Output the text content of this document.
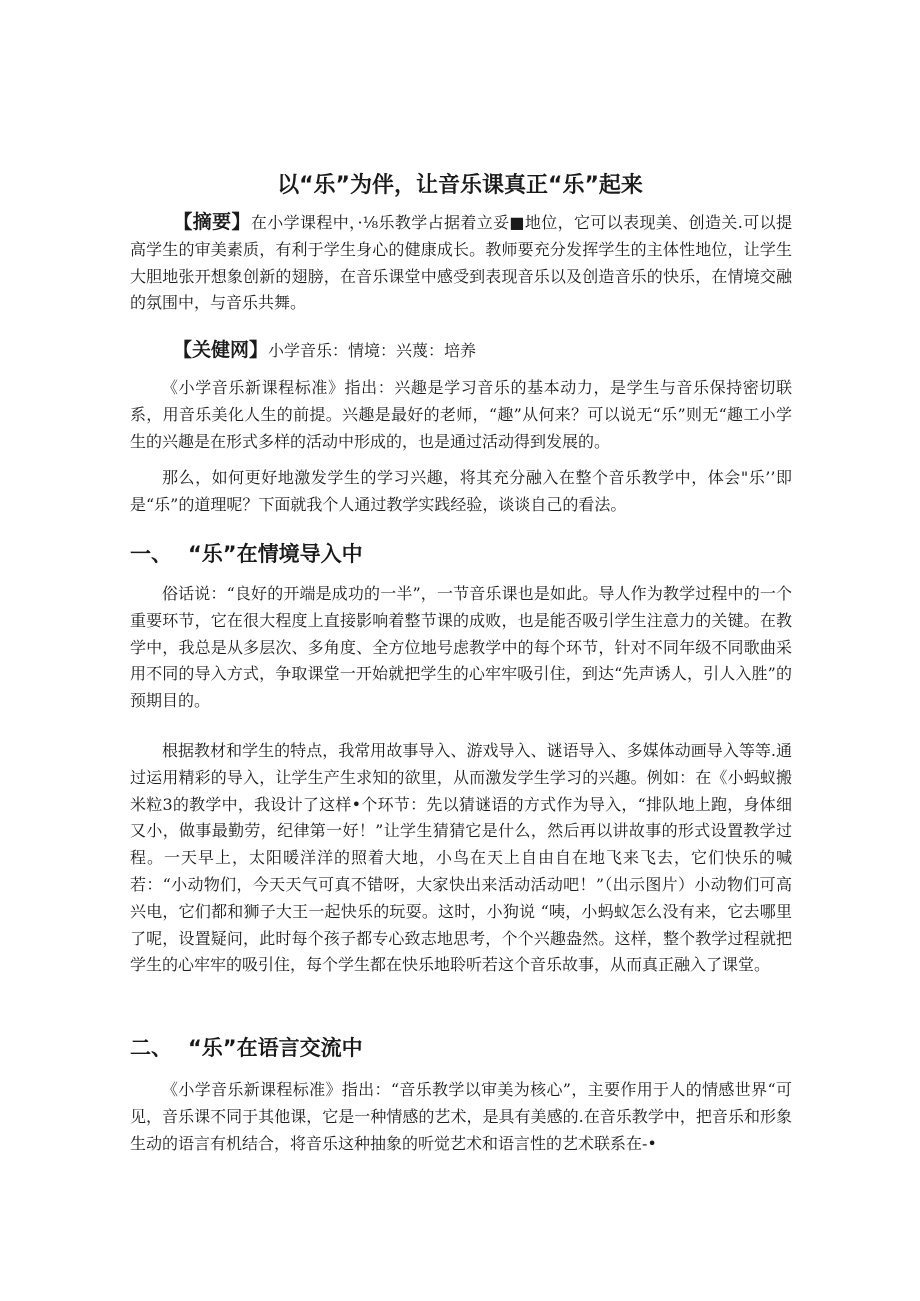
以“乐”为伴，让音乐课真正“乐”起来

【摘要】在小学课程中，·⅛乐教学占据着立妥■地位，它可以表现美、创造关.可以提高学生的审美素质，有利于学生身心的健康成长。教师要充分发挥学生的主体性地位，让学生大胆地张开想象创新的翅膀，在音乐课堂中感受到表现音乐以及创造音乐的快乐，在情境交融的氛围中，与音乐共舞。

【关健网】小学音乐：情境：兴蔑：培养

《小学音乐新课程标准》指出：兴趣是学习音乐的基本动力，是学生与音乐保持密切联系，用音乐美化人生的前提。兴趣是最好的老师，“趣”从何来？可以说无“乐”则无“趣工小学生的兴趣是在形式多样的活动中形成的，也是通过活动得到发展的。

那么，如何更好地激发学生的学习兴趣，将其充分融入在整个音乐教学中，体会"乐’’即是“乐”的道理呢？下面就我个人通过教学实践经验，谈谈自己的看法。

一、 “乐”在情境导入中

俗话说：“良好的开端是成功的一半”，一节音乐课也是如此。导人作为教学过程中的一个重要环节，它在很大程度上直接影响着整节课的成败，也是能否吸引学生注意力的关键。在教学中，我总是从多层次、多角度、全方位地号虑教学中的每个环节，针对不同年级不同歌曲采用不同的导入方式，争取课堂一开始就把学生的心牢牢吸引住，到达“先声诱人，引人入胜”的预期目的。

根据教材和学生的特点，我常用故事导入、游戏导入、谜语导入、多媒体动画导入等等.通过运用精彩的导入，让学生产生求知的欲里，从而激发学生学习的兴趣。例如：在《小蚂蚁搬米粒3的教学中，我设计了这样•个环节：先以猜谜语的方式作为导入，“排队地上跑，身体细又小，做事最勤劳，纪律第一好！”让学生猜猜它是什么，然后再以讲故事的形式设置教学过程。一天早上，太阳暖洋洋的照着大地，小鸟在天上自由自在地飞来飞去，它们快乐的喊若：“小动物们，今天天气可真不错呀，大家快出来活动活动吧！”（出示图片）小动物们可高兴电，它们都和狮子大王一起快乐的玩耍。这时，小狗说 “咦，小蚂蚁怎么没有来，它去哪里了呢，设置疑问，此时每个孩子都专心致志地思考，个个兴趣盎然。这样，整个教学过程就把学生的心牢牢的吸引住，每个学生都在快乐地聆听若这个音乐故事，从而真正融入了课堂。

二、 “乐”在语言交流中

《小学音乐新课程标准》指出：“音乐教学以审美为核心”，主要作用于人的情感世界“可见，音乐课不同于其他课，它是一种情感的艺术，是具有美感的.在音乐教学中，把音乐和形象生动的语言有机结合，将音乐这种抽象的听觉艺术和语言性的艺术联系在-•
